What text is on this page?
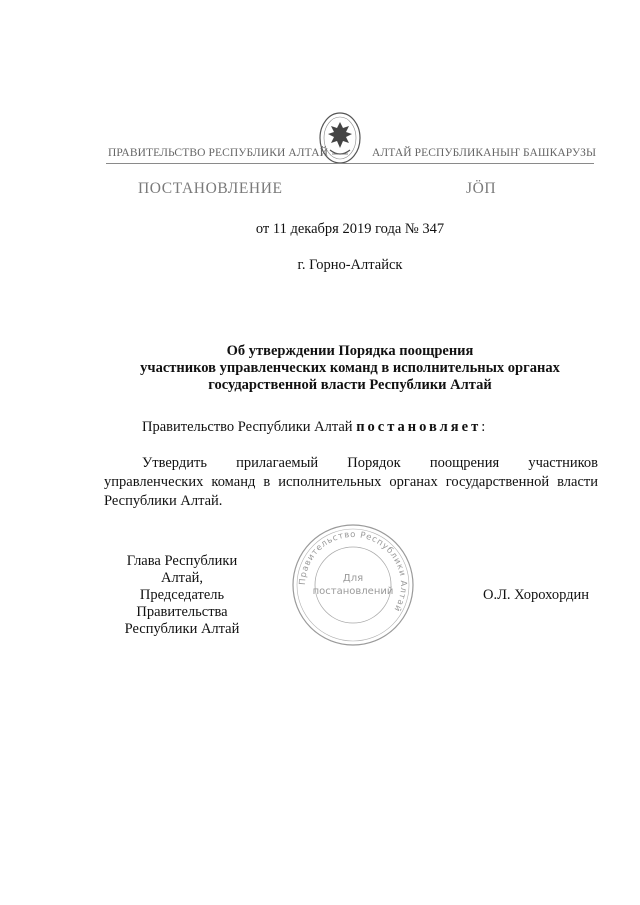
ПРАВИТЕЛЬСТВО РЕСПУБЛИКИ АЛТАЙ	АЛТАЙ РЕСПУБЛИКАНЫҤ БАШКАРУЗЫ
ПОСТАНОВЛЕНИЕ	ЈӦП
от 11 декабря 2019 года № 347
г. Горно-Алтайск
Об утверждении Порядка поощрения
участников управленческих команд в исполнительных органах
государственной власти Республики Алтай
Правительство Республики Алтай постановляет:
Утвердить прилагаемый Порядок поощрения участников
управленческих команд в исполнительных органах государственной власти
Республики Алтай.
Глава Республики Алтай,
Председатель Правительства
Республики Алтай
Правительство Республики Алтай
Для
постановлений	О.Л. Хорохордин
